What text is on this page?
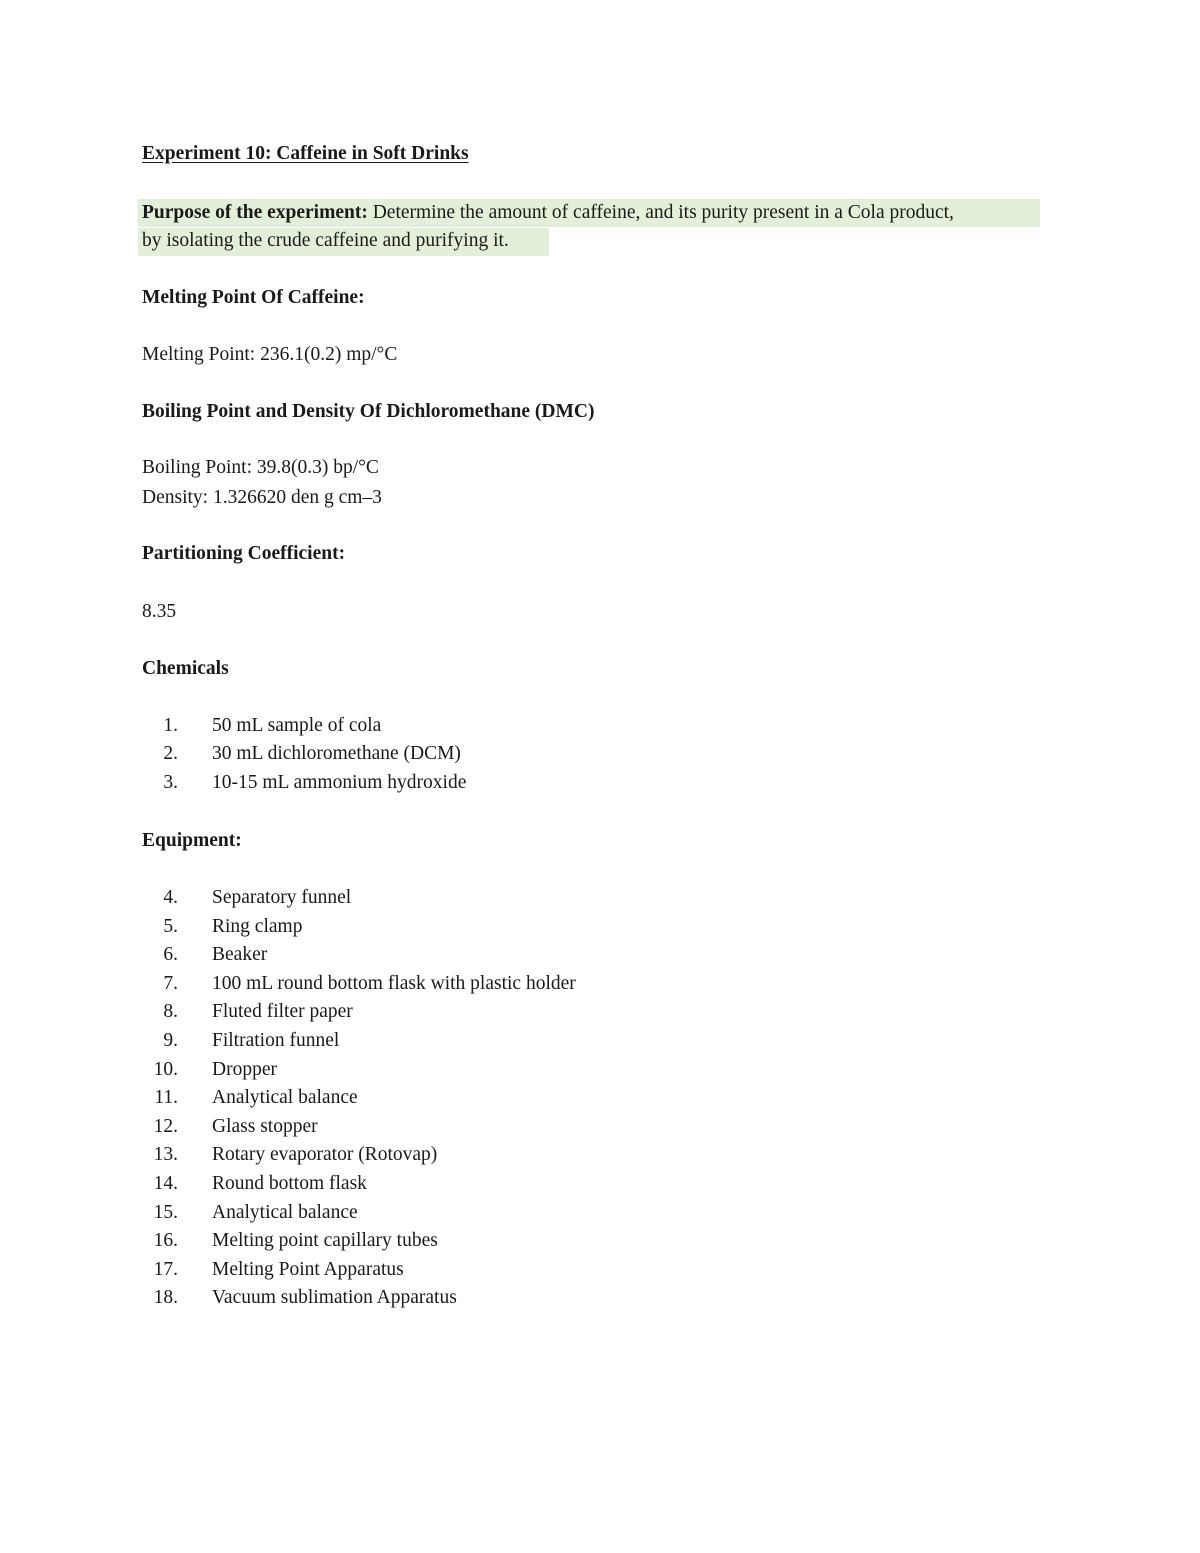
Experiment 10: Caffeine in Soft Drinks
Purpose of the experiment: Determine the amount of caffeine, and its purity present in a Cola product,
by isolating the crude caffeine and purifying it.
Melting Point Of Caffeine:
Melting Point: 236.1(0.2) mp/°C
Boiling Point and Density Of Dichloromethane (DMC)
Boiling Point: 39.8(0.3) bp/°C
Density: 1.326620 den g cm–3
Partitioning Coefficient:
8.35
Chemicals
1. 50 mL sample of cola
2. 30 mL dichloromethane (DCM)
3. 10-15 mL ammonium hydroxide
Equipment:
4. Separatory funnel
5. Ring clamp
6. Beaker
7. 100 mL round bottom flask with plastic holder
8. Fluted filter paper
9. Filtration funnel
10. Dropper
11. Analytical balance
12. Glass stopper
13. Rotary evaporator (Rotovap)
14. Round bottom flask
15. Analytical balance
16. Melting point capillary tubes
17. Melting Point Apparatus
18. Vacuum sublimation Apparatus
